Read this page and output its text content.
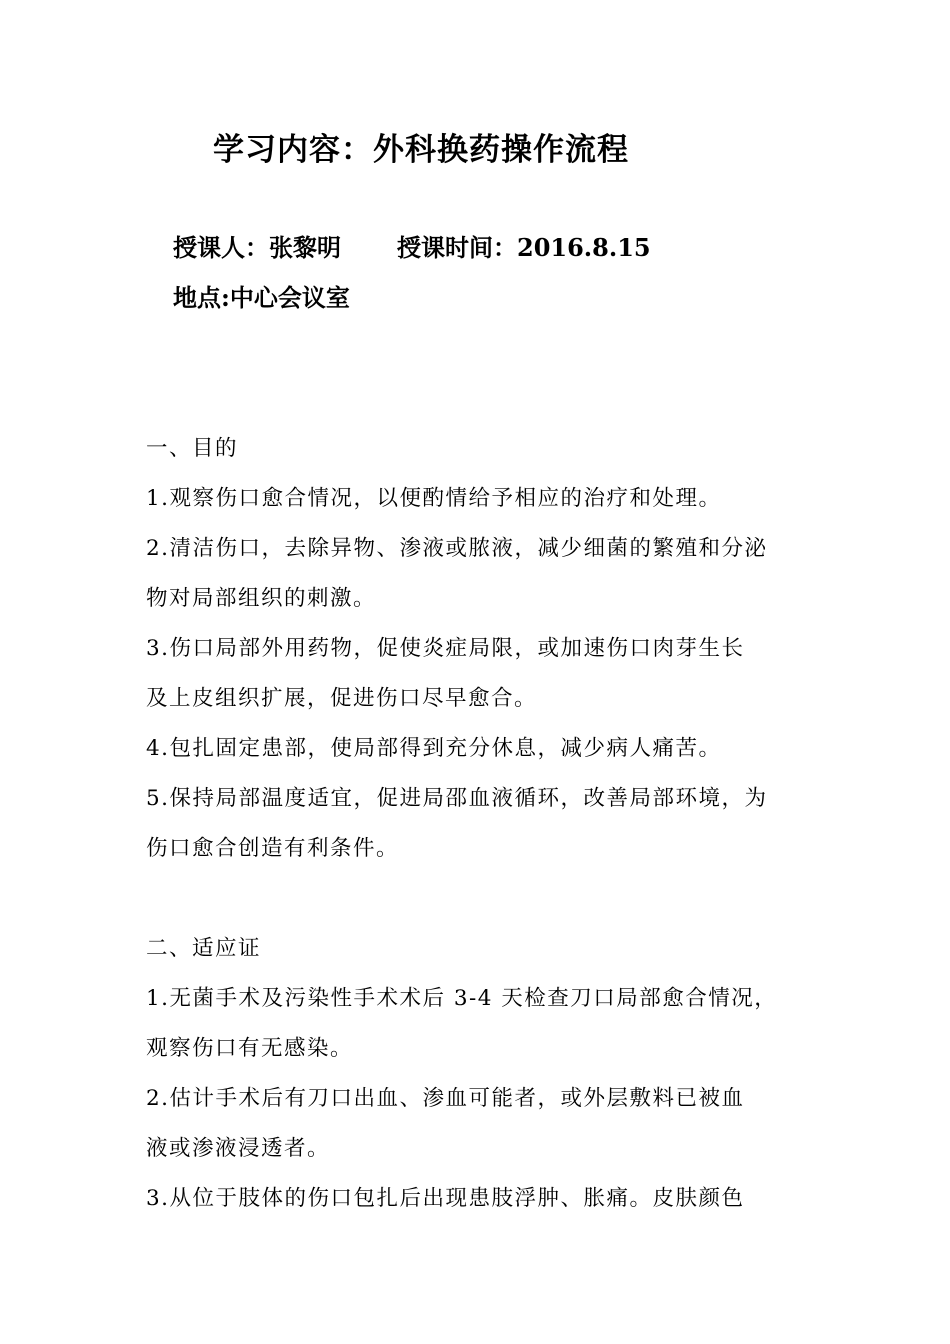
学习内容：外科换药操作流程
授课人：张黎明 授课时间：2016.8.15
地点:中心会议室

一、目的

1.观察伤口愈合情况，以便酌情给予相应的治疗和处理。

2.清洁伤口，去除异物、渗液或脓液，减少细菌的繁殖和分泌

物对局部组织的刺激。

3.伤口局部外用药物，促使炎症局限，或加速伤口肉芽生长

及上皮组织扩展，促进伤口尽早愈合。

4.包扎固定患部，使局部得到充分休息，减少病人痛苦。

5.保持局部温度适宜，促进局邵血液循环，改善局部环境，为

伤口愈合创造有利条件。

二、适应证

1.无菌手术及污染性手术术后 3-4 天检查刀口局部愈合情况，

观察伤口有无感染。

2.估计手术后有刀口出血、渗血可能者，或外层敷料已被血

液或渗液浸透者。

3.从位于肢体的伤口包扎后出现患肢浮肿、胀痛。皮肤颜色
